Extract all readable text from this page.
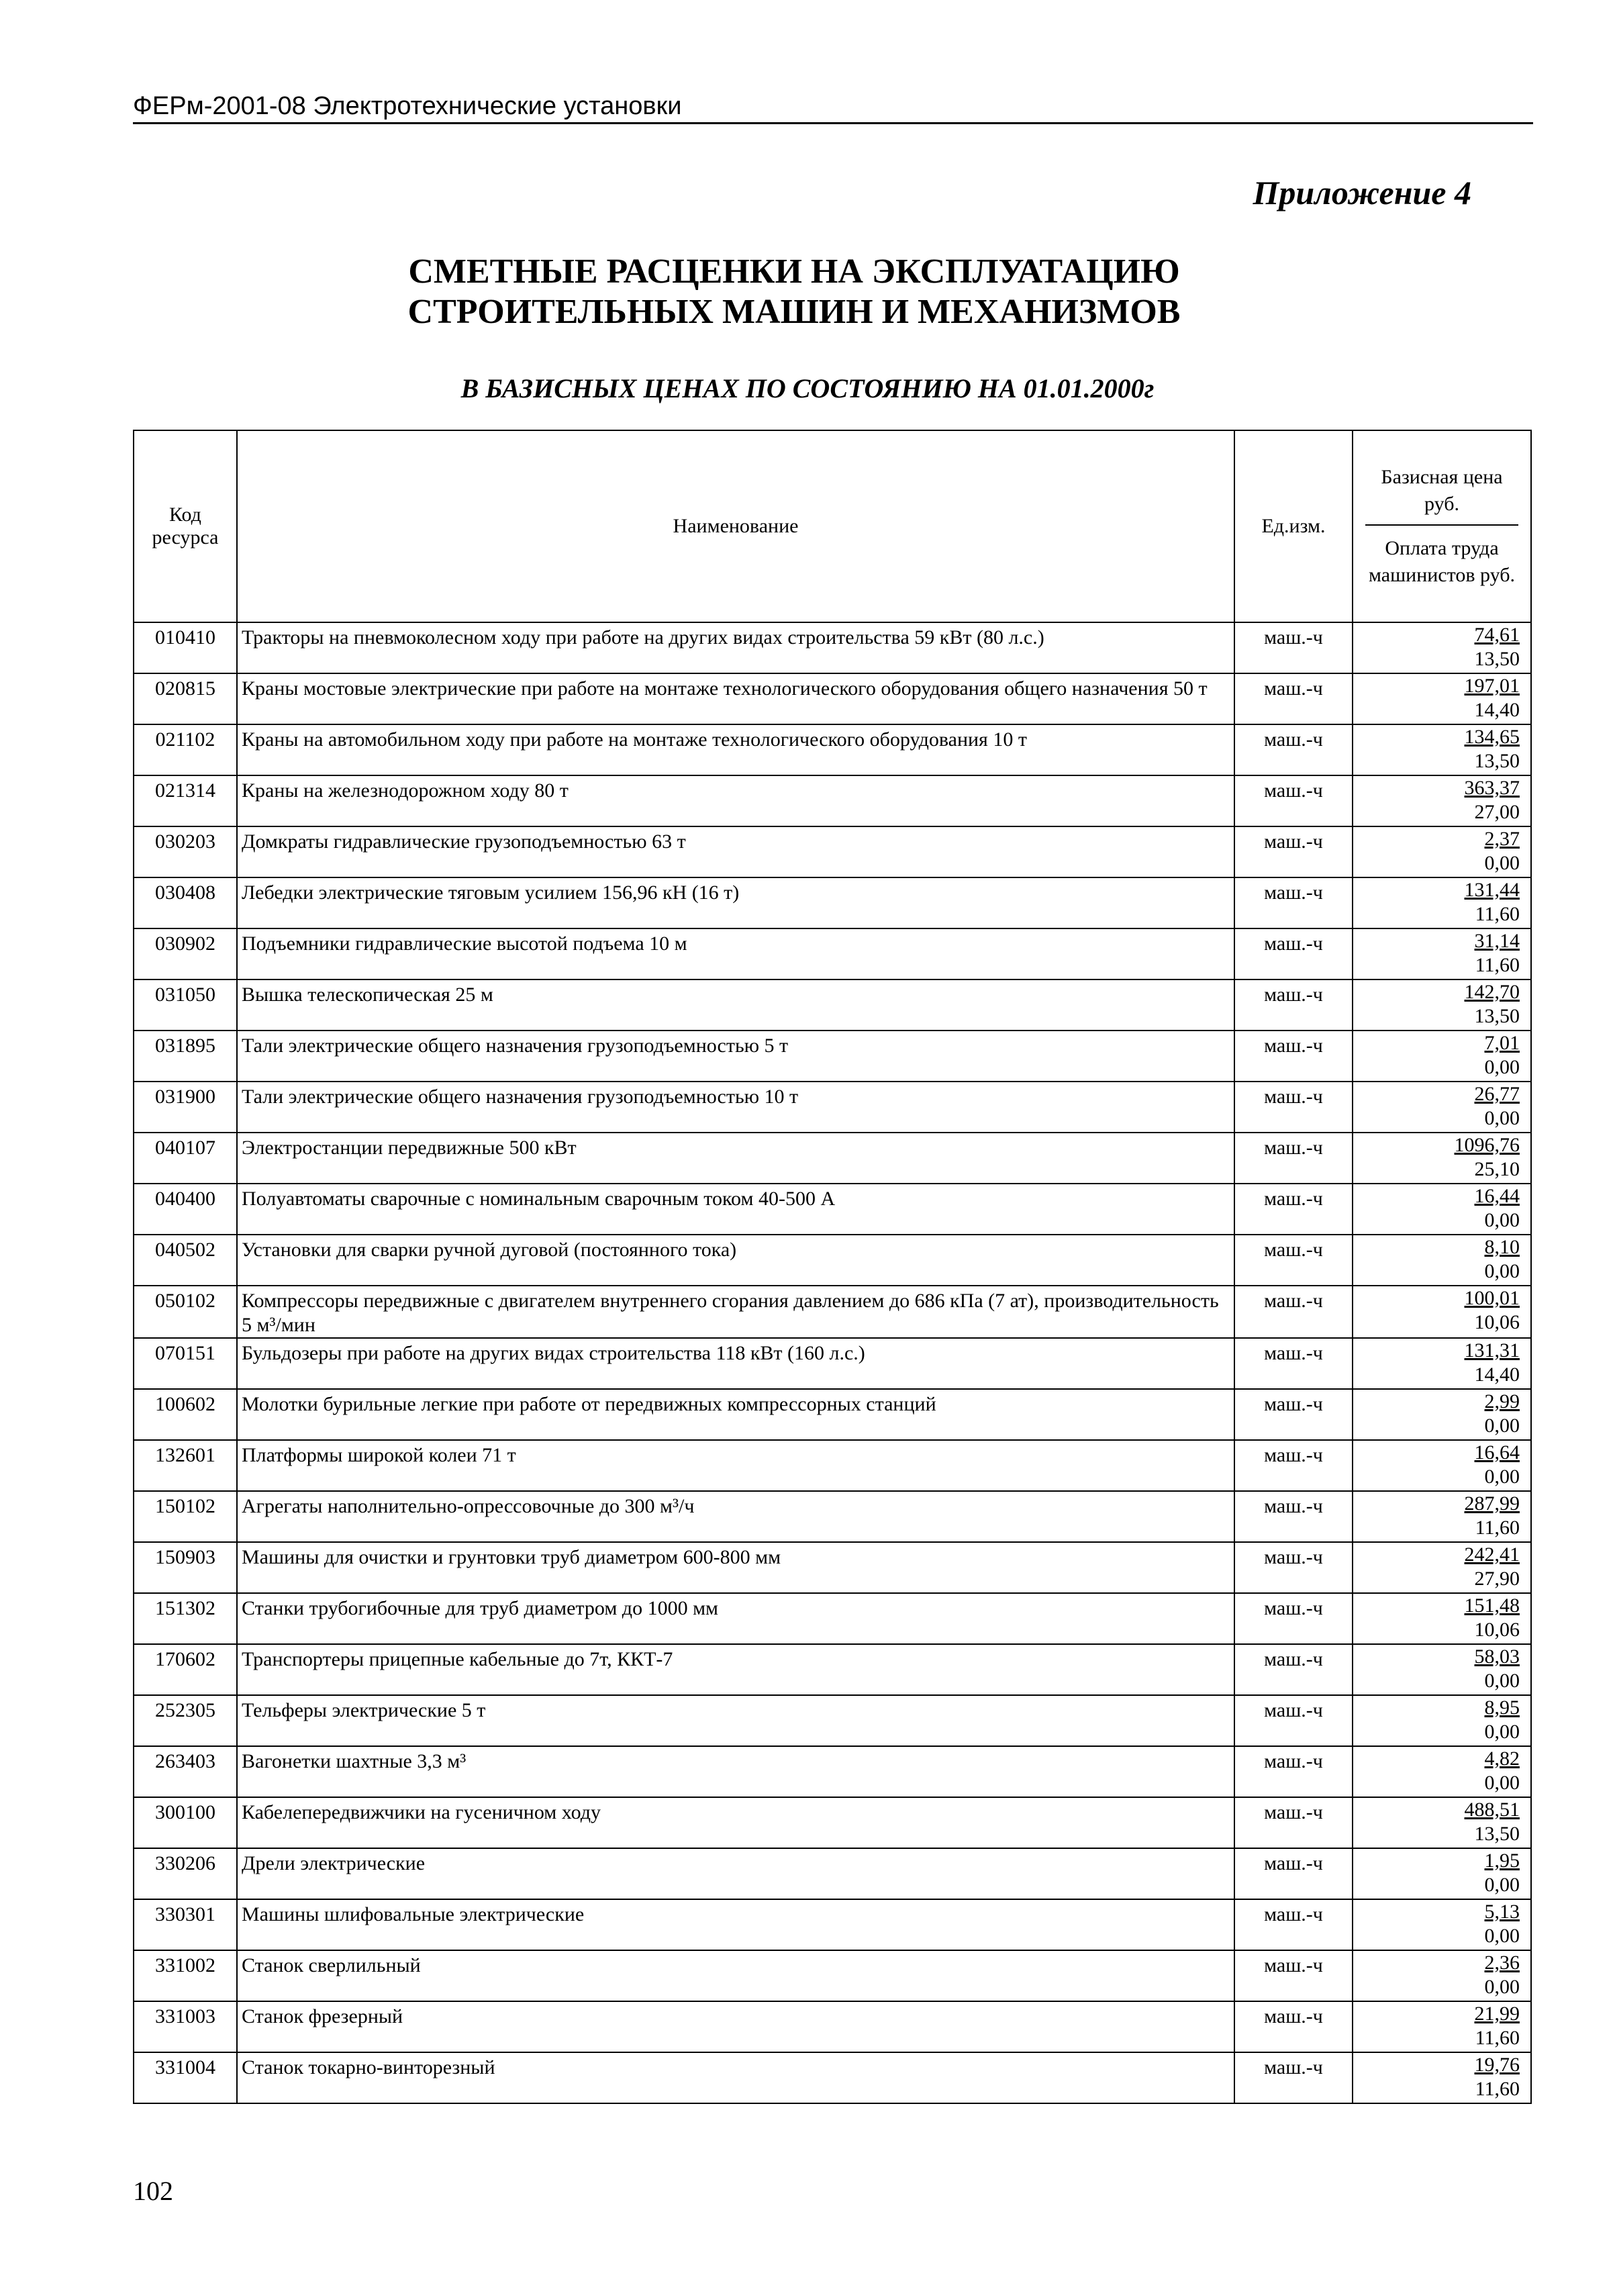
ФЕРм-2001-08 Электротехнические установки
Приложение 4
СМЕТНЫЕ РАСЦЕНКИ НА ЭКСПЛУАТАЦИЮ
СТРОИТЕЛЬНЫХ МАШИН И МЕХАНИЗМОВ
В БАЗИСНЫХ ЦЕНАХ ПО СОСТОЯНИЮ НА 01.01.2000г
Код ресурса	Наименование	Ед.изм.	Базисная цена руб.
Оплата труда машинистов руб.

010410	Тракторы на пневмоколесном ходу при работе на других видах строительства 59 кВт (80 л.с.)	маш.-ч	74,61
13,50

020815	Краны мостовые электрические при работе на монтаже технологического оборудования общего назначения 50 т	маш.-ч	197,01
14,40

021102	Краны на автомобильном ходу при работе на монтаже технологического оборудования 10 т	маш.-ч	134,65
13,50

021314	Краны на железнодорожном ходу 80 т	маш.-ч	363,37
27,00

030203	Домкраты гидравлические грузоподъемностью 63 т	маш.-ч	2,37
0,00

030408	Лебедки электрические тяговым усилием 156,96 кН (16 т)	маш.-ч	131,44
11,60

030902	Подъемники гидравлические высотой подъема 10 м	маш.-ч	31,14
11,60

031050	Вышка телескопическая 25 м	маш.-ч	142,70
13,50

031895	Тали электрические общего назначения грузоподъемностью 5 т	маш.-ч	7,01
0,00

031900	Тали электрические общего назначения грузоподъемностью 10 т	маш.-ч	26,77
0,00

040107	Электростанции передвижные 500 кВт	маш.-ч	1096,76
25,10

040400	Полуавтоматы сварочные с номинальным сварочным током 40-500 А	маш.-ч	16,44
0,00

040502	Установки для сварки ручной дуговой (постоянного тока)	маш.-ч	8,10
0,00

050102	Компрессоры передвижные с двигателем внутреннего сгорания давлением до 686 кПа (7 ат), производительность 5 м³/мин	маш.-ч	100,01
10,06

070151	Бульдозеры при работе на других видах строительства 118 кВт (160 л.с.)	маш.-ч	131,31
14,40

100602	Молотки бурильные легкие при работе от передвижных компрессорных станций	маш.-ч	2,99
0,00

132601	Платформы широкой колеи 71 т	маш.-ч	16,64
0,00

150102	Агрегаты наполнительно-опрессовочные до 300 м³/ч	маш.-ч	287,99
11,60

150903	Машины для очистки и грунтовки труб диаметром 600-800 мм	маш.-ч	242,41
27,90

151302	Станки трубогибочные для труб диаметром до 1000 мм	маш.-ч	151,48
10,06

170602	Транспортеры прицепные кабельные до 7т, ККТ-7	маш.-ч	58,03
0,00

252305	Тельферы электрические 5 т	маш.-ч	8,95
0,00

263403	Вагонетки шахтные 3,3 м³	маш.-ч	4,82
0,00

300100	Кабелепередвижчики на гусеничном ходу	маш.-ч	488,51
13,50

330206	Дрели электрические	маш.-ч	1,95
0,00

330301	Машины шлифовальные электрические	маш.-ч	5,13
0,00

331002	Станок сверлильный	маш.-ч	2,36
0,00

331003	Станок фрезерный	маш.-ч	21,99
11,60

331004	Станок токарно-винторезный	маш.-ч	19,76
11,60
102
